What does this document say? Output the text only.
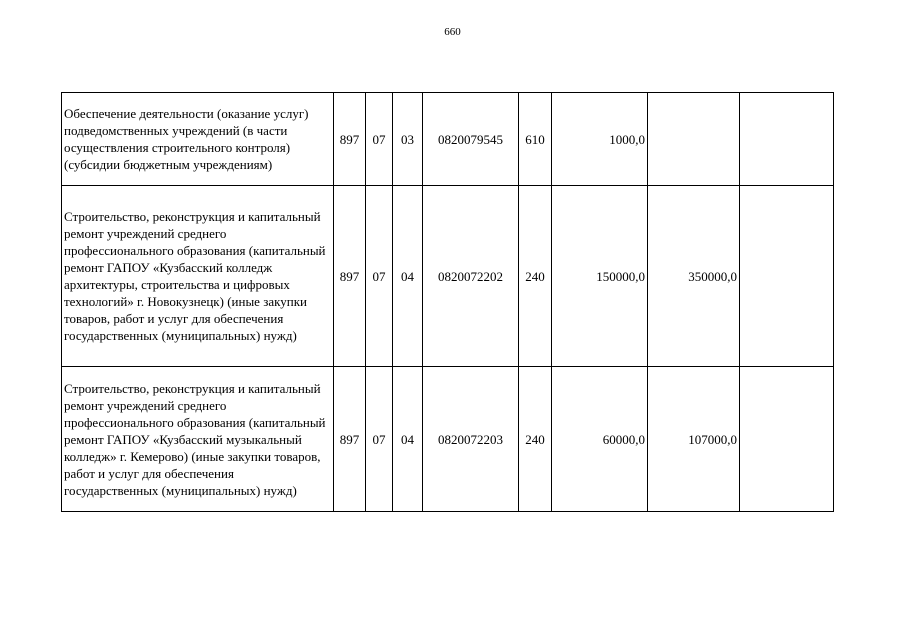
660
Обеспечение деятельности (оказание услуг) подведомственных учреждений (в части осуществления строительного контроля) (субсидии бюджетным учреждениям)	897	07	03	0820079545	610	1000,0		
Строительство, реконструкция и капитальный ремонт учреждений среднего профессионального образования (капитальный ремонт ГАПОУ «Кузбасский колледж архитектуры, строительства и цифровых технологий» г. Новокузнецк) (иные закупки товаров, работ и услуг для обеспечения государственных (муниципальных) нужд)	897	07	04	0820072202	240	150000,0	350000,0	
Строительство, реконструкция и капитальный ремонт учреждений среднего профессионального образования (капитальный ремонт ГАПОУ «Кузбасский музыкальный колледж» г. Кемерово) (иные закупки товаров, работ и услуг для обеспечения государственных (муниципальных) нужд)	897	07	04	0820072203	240	60000,0	107000,0	
